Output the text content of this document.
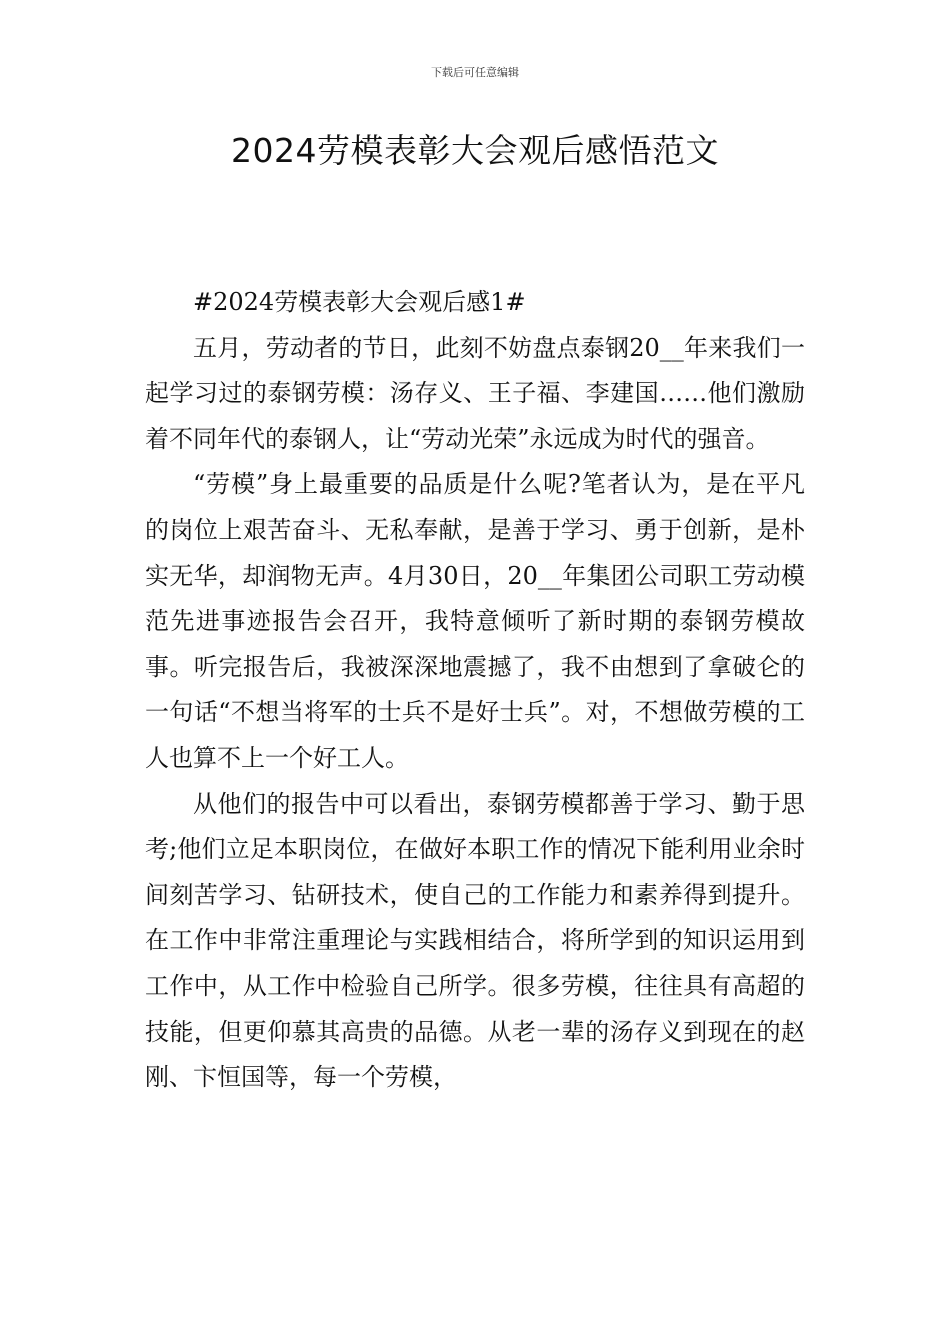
下载后可任意编辑
2024劳模表彰大会观后感悟范文

#2024劳模表彰大会观后感1#

五月，劳动者的节日，此刻不妨盘点泰钢20__年来我们一起学习过的泰钢劳模：汤存义、王子福、李建国……他们激励着不同年代的泰钢人，让“劳动光荣”永远成为时代的强音。

“劳模”身上最重要的品质是什么呢?笔者认为，是在平凡的岗位上艰苦奋斗、无私奉献，是善于学习、勇于创新，是朴实无华，却润物无声。4月30日，20__年集团公司职工劳动模范先进事迹报告会召开，我特意倾听了新时期的泰钢劳模故事。听完报告后，我被深深地震撼了，我不由想到了拿破仑的一句话“不想当将军的士兵不是好士兵”。对，不想做劳模的工人也算不上一个好工人。

从他们的报告中可以看出，泰钢劳模都善于学习、勤于思考;他们立足本职岗位，在做好本职工作的情况下能利用业余时间刻苦学习、钻研技术，使自己的工作能力和素养得到提升。在工作中非常注重理论与实践相结合，将所学到的知识运用到工作中，从工作中检验自己所学。很多劳模，往往具有高超的技能，但更仰慕其高贵的品德。从老一辈的汤存义到现在的赵刚、卞恒国等，每一个劳模，
